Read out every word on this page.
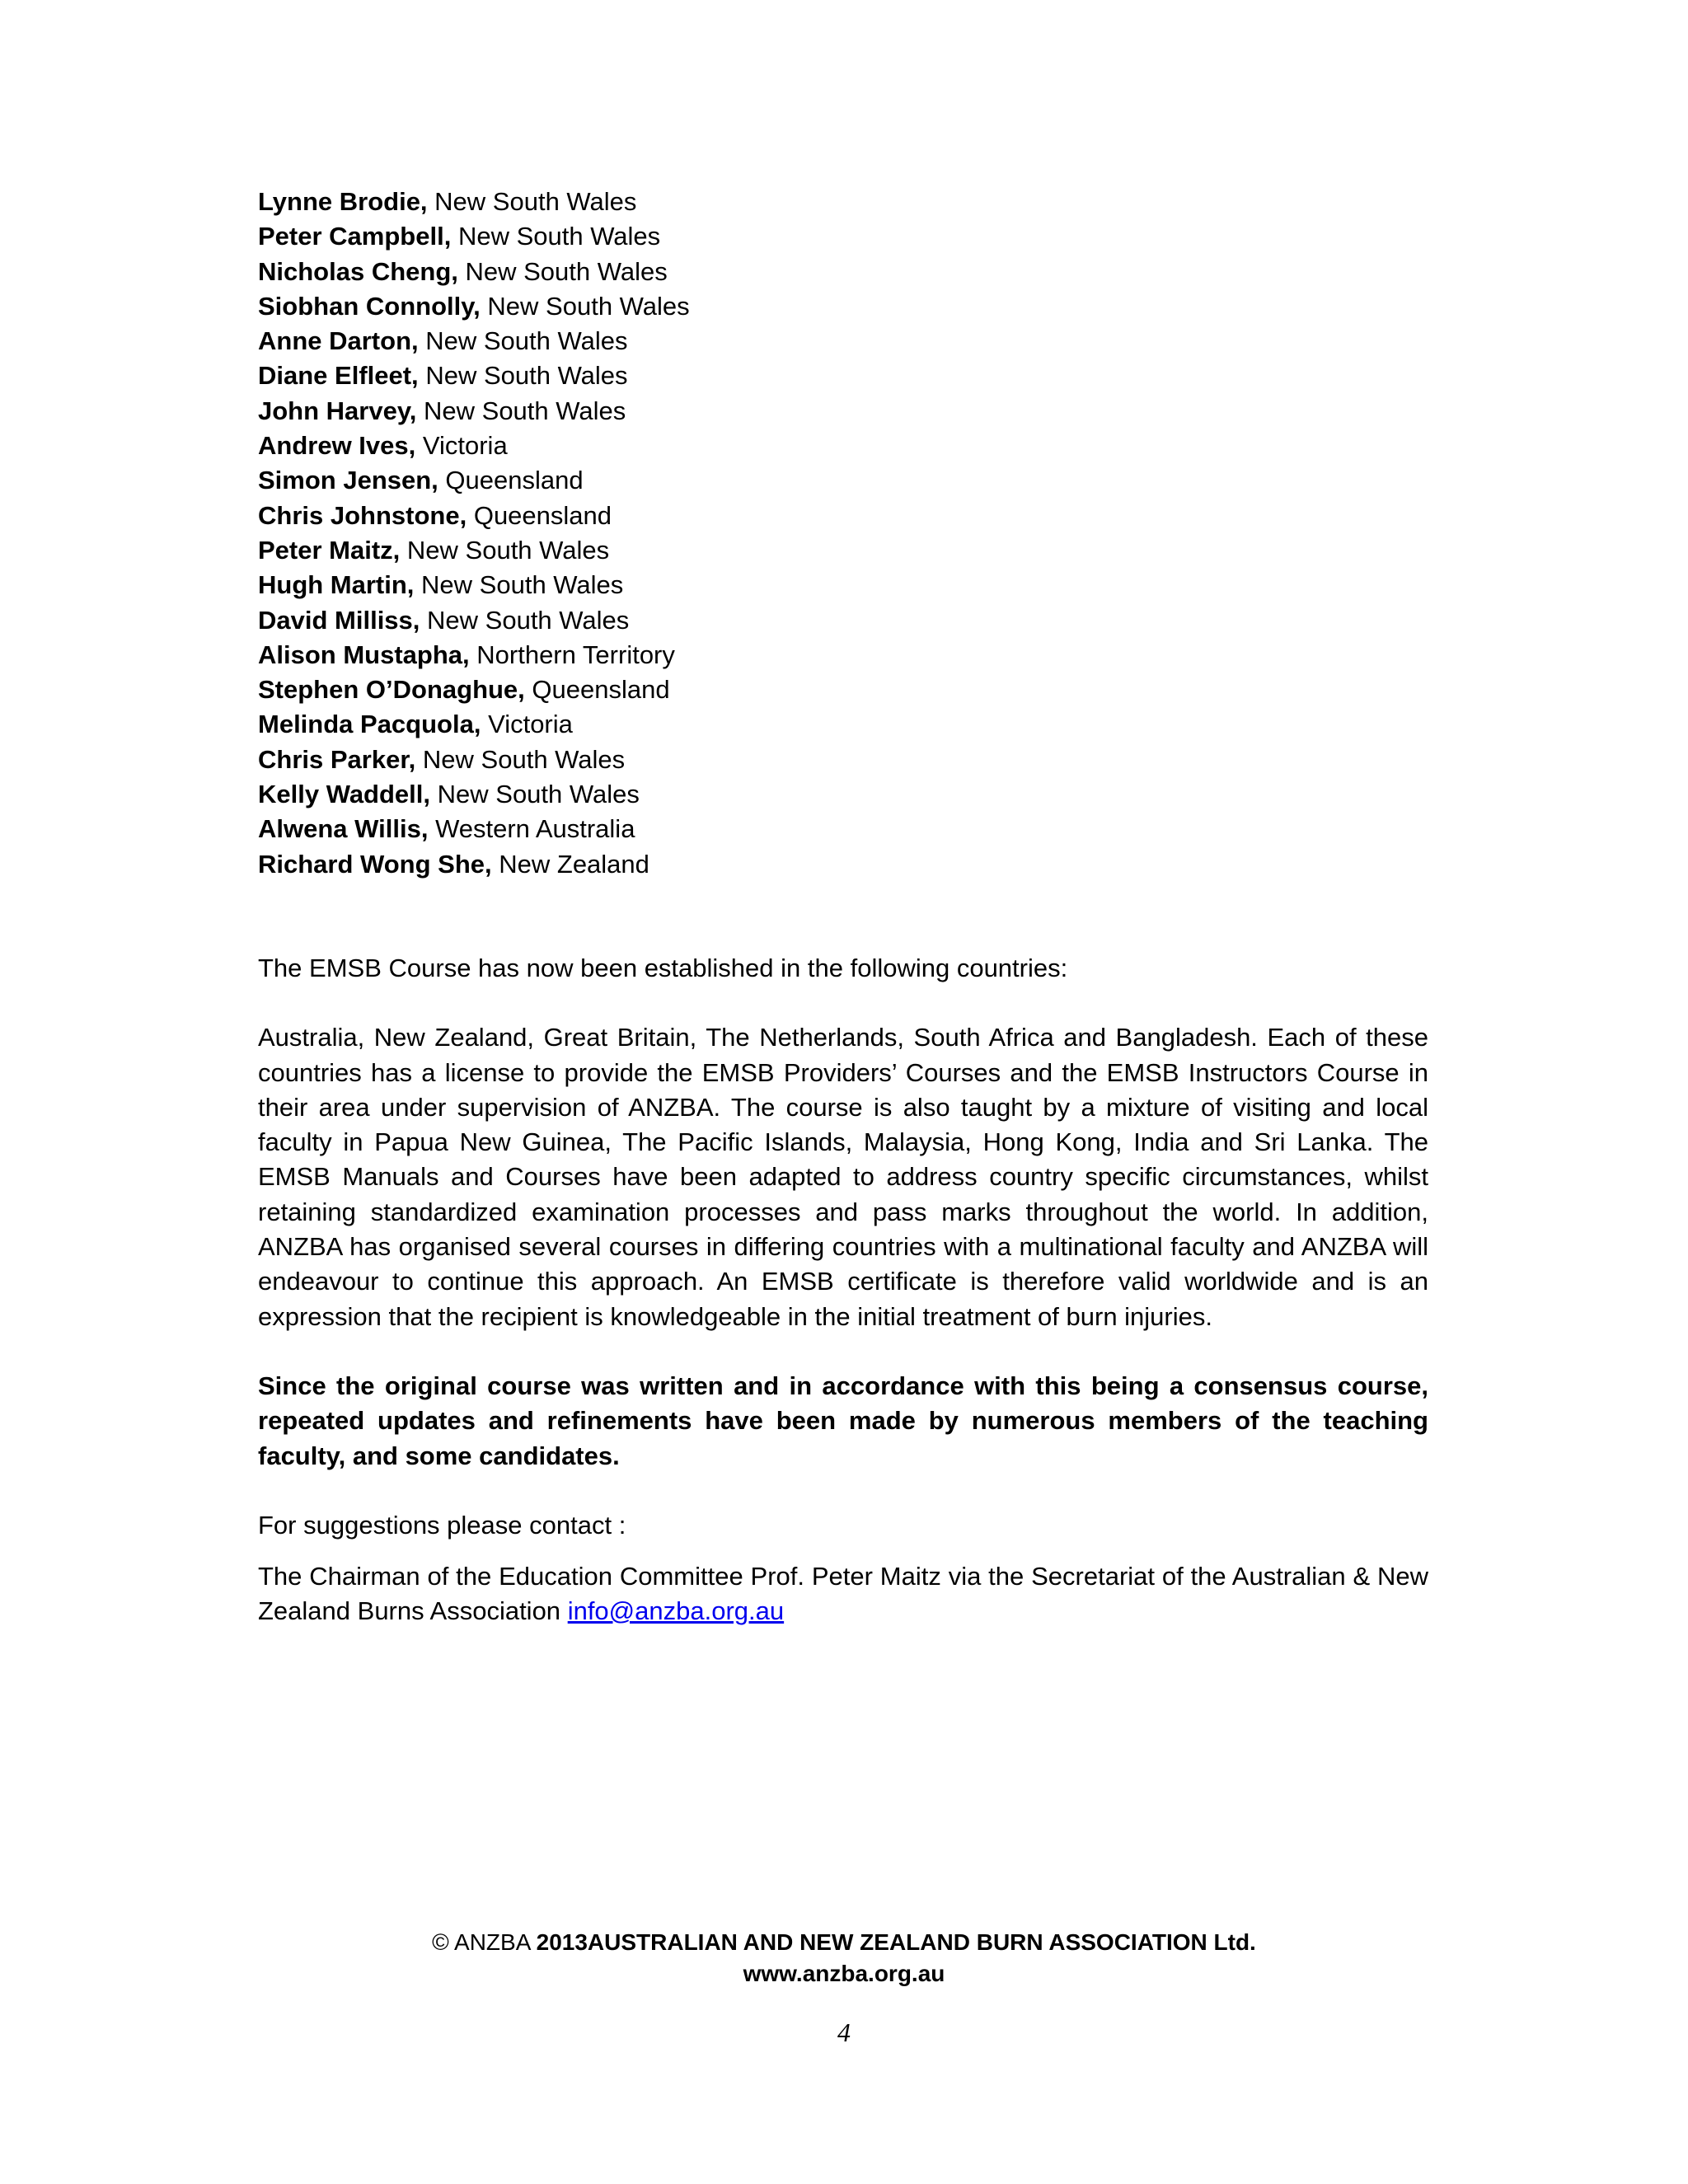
Lynne Brodie, New South Wales
Peter Campbell, New South Wales
Nicholas Cheng, New South Wales
Siobhan Connolly, New South Wales
Anne Darton, New South Wales
Diane Elfleet, New South Wales
John Harvey, New South Wales
Andrew Ives, Victoria
Simon Jensen, Queensland
Chris Johnstone, Queensland
Peter Maitz, New South Wales
Hugh Martin, New South Wales
David Milliss, New South Wales
Alison Mustapha, Northern Territory
Stephen O’Donaghue, Queensland
Melinda Pacquola, Victoria
Chris Parker, New South Wales
Kelly Waddell, New South Wales
Alwena Willis, Western Australia
Richard Wong She, New Zealand

The EMSB Course has now been established in the following countries:

Australia, New Zealand, Great Britain, The Netherlands, South Africa and Bangladesh. Each of these countries has a license to provide the EMSB Providers’ Courses and the EMSB Instructors Course in their area under supervision of ANZBA. The course is also taught by a mixture of visiting and local faculty in Papua New Guinea, The Pacific Islands, Malaysia, Hong Kong, India and Sri Lanka. The EMSB Manuals and Courses have been adapted to address country specific circumstances, whilst retaining standardized examination processes and pass marks throughout the world. In addition, ANZBA has organised several courses in differing countries with a multinational faculty and ANZBA will endeavour to continue this approach. An EMSB certificate is therefore valid worldwide and is an expression that the recipient is knowledgeable in the initial treatment of burn injuries.

Since the original course was written and in accordance with this being a consensus course, repeated updates and refinements have been made by numerous members of the teaching faculty, and some candidates.

For suggestions please contact :

The Chairman of the Education Committee Prof. Peter Maitz via the Secretariat of the Australian & New Zealand Burns Association info@anzba.org.au

© ANZBA 2013AUSTRALIAN AND NEW ZEALAND BURN ASSOCIATION Ltd.
www.anzba.org.au
4
